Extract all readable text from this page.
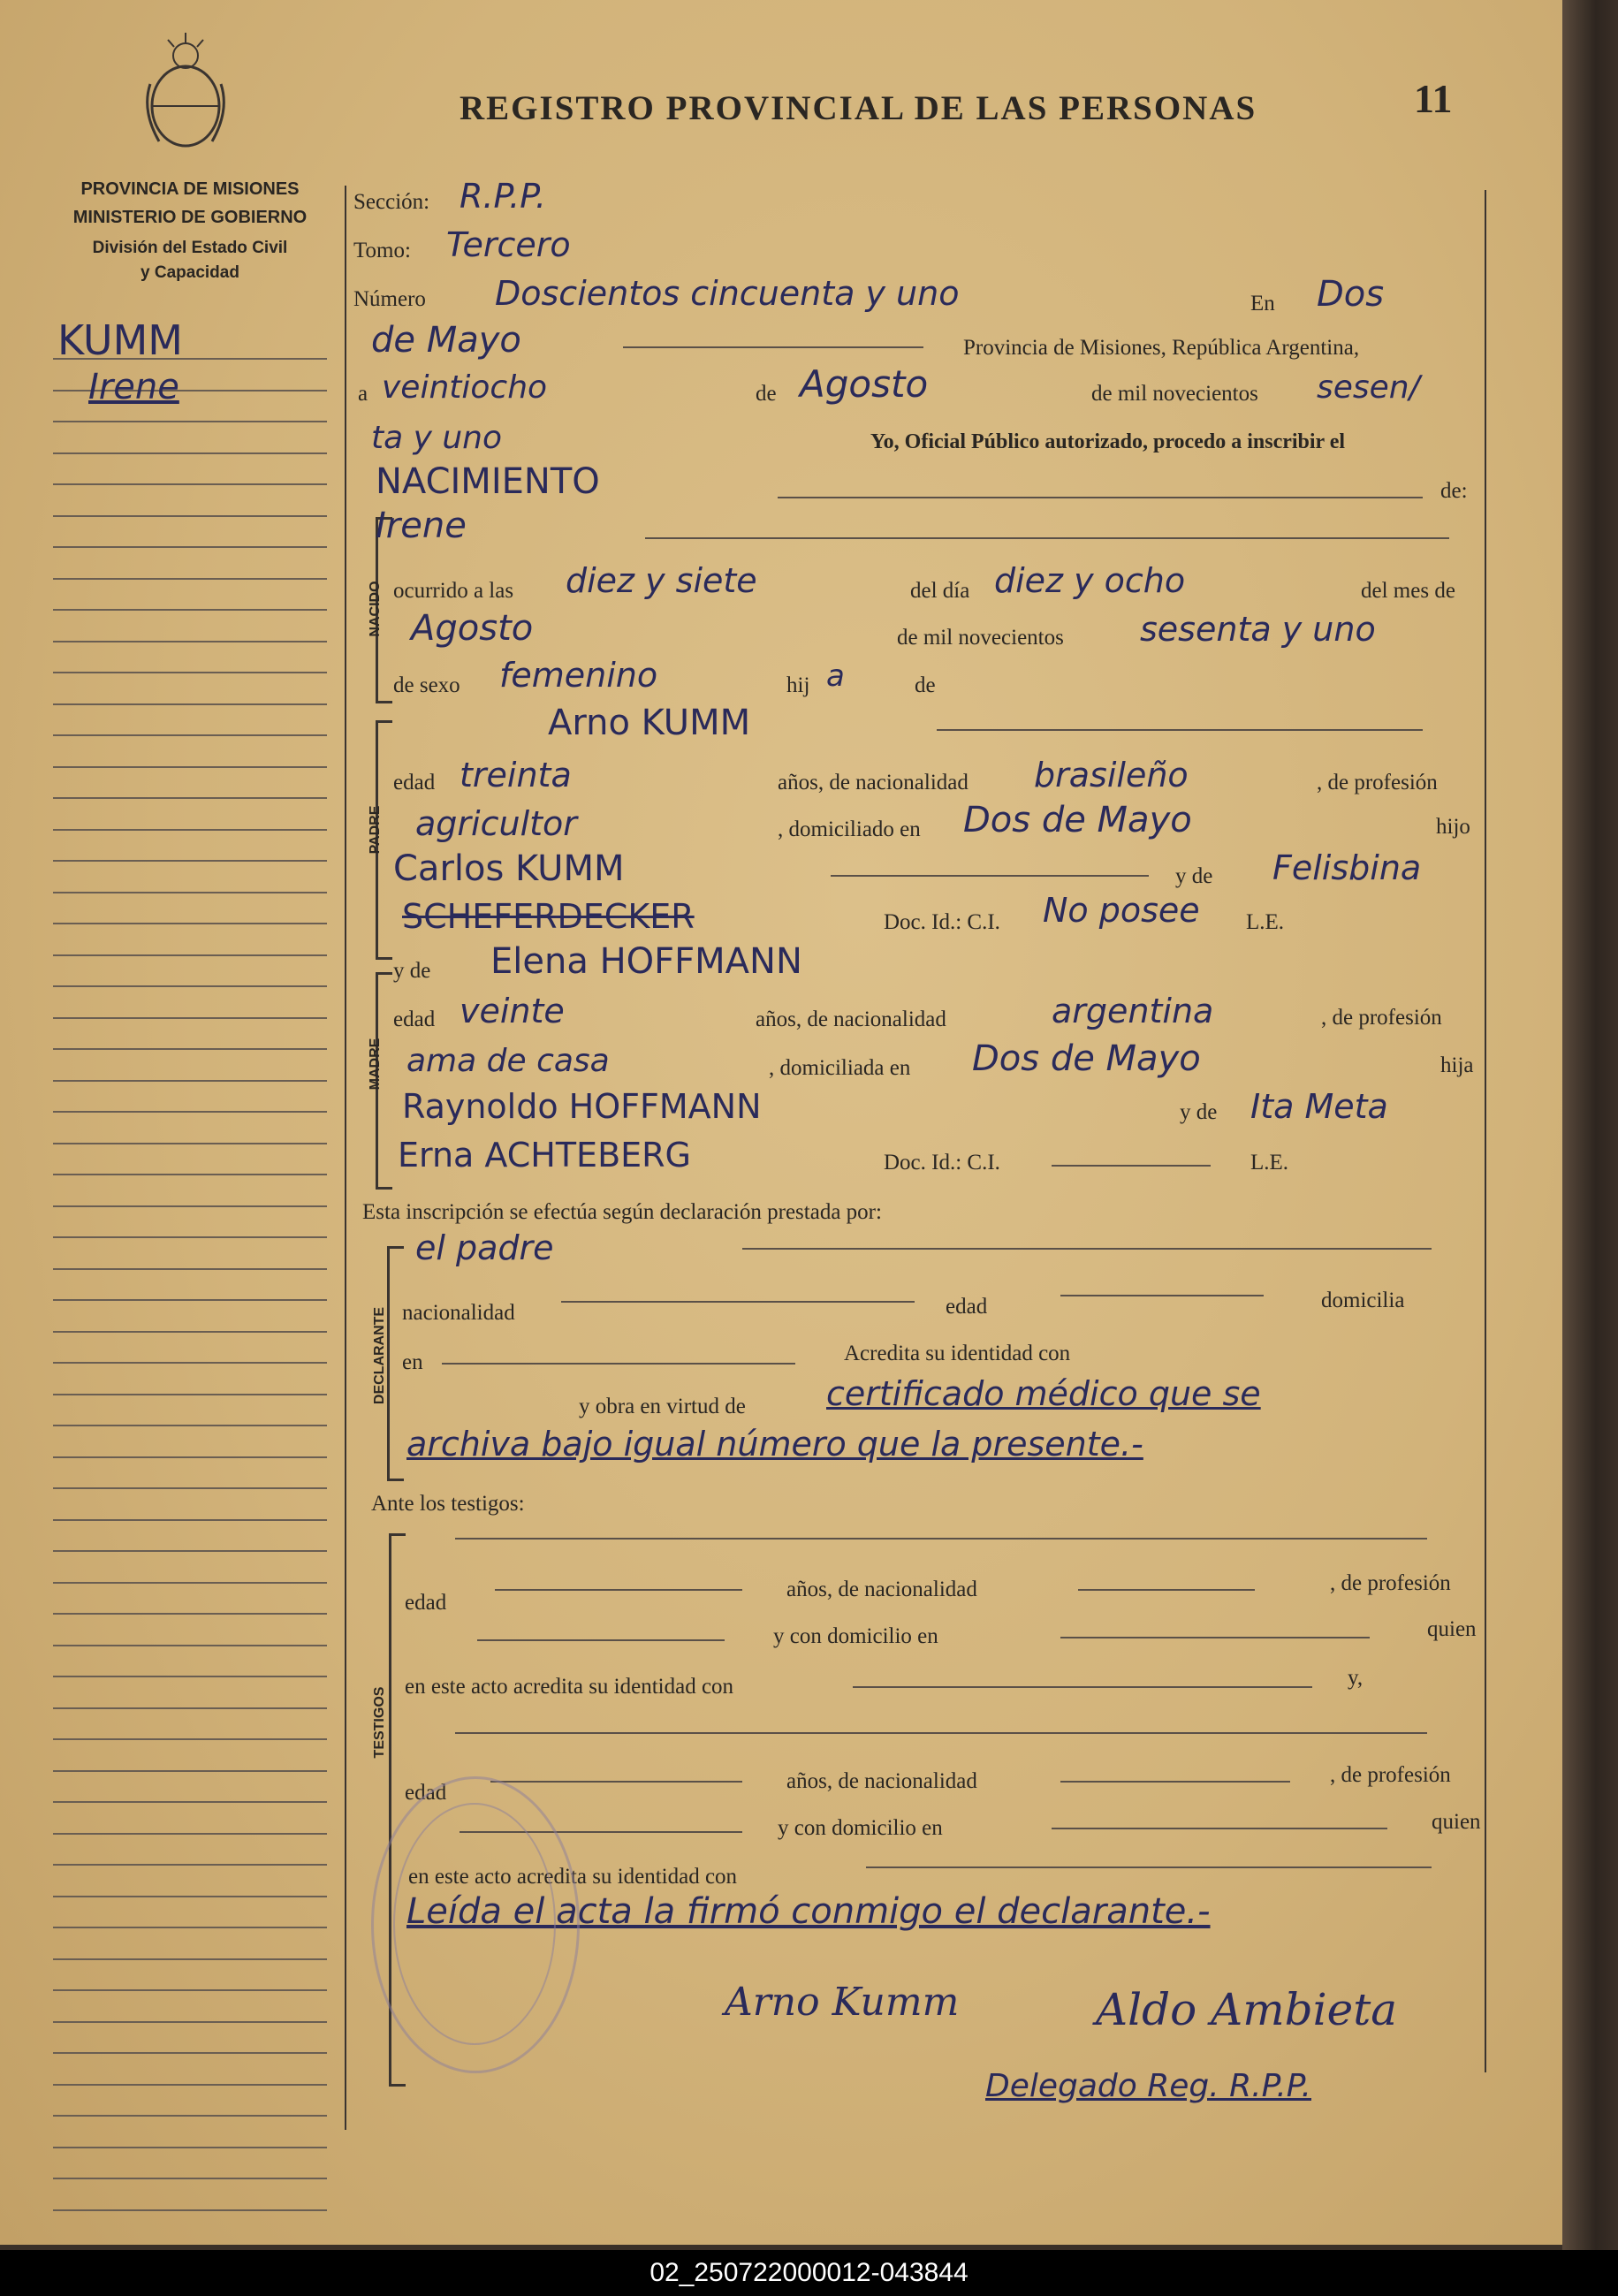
REGISTRO PROVINCIAL DE LAS PERSONAS	11
PROVINCIA DE MISIONES
MINISTERIO DE GOBIERNO
División del Estado Civil
y Capacidad
KUMM
Irene
Sección: R.P.P.
Tomo: Tercero
Número Doscientos cincuenta y uno	En Dos
de Mayo	Provincia de Misiones, República Argentina,
a veintiocho	de Agosto	de mil novecientos sesen/
ta y uno	Yo, Oficial Público autorizado, procedo a inscribir el
NACIMIENTO	de:
NACIDO
Irene
ocurrido a las diez y siete	del día diez y ocho	del mes de
Agosto	de mil novecientos sesenta y uno
de sexo femenino	hij a	de
PADRE
Arno KUMM
edad treinta	años, de nacionalidad brasileño	, de profesión
agricultor	, domiciliado en Dos de Mayo	hijo
Carlos KUMM	y de Felisbina
SCHEFERDECKER	Doc. Id.: C.I. No posee L.E.
MADRE
y de Elena HOFFMANN
edad veinte	años, de nacionalidad	argentina	, de profesión
ama de casa	, domiciliada en Dos de Mayo	hija
Raynoldo HOFFMANN	y de Ita Meta
Erna ACHTEBERG	Doc. Id.: C.I.	L.E.
Esta inscripción se efectúa según declaración prestada por:
DECLARANTE
el padre
nacionalidad	edad	domicilia
en	Acredita su identidad con
y obra en virtud de certificado médico que se
archiva bajo igual número que la presente.-
Ante los testigos:
TESTIGOS
edad
años, de nacionalidad	, de profesión
y con domicilio en	quien
en este acto acredita su identidad con	y,
edad	años, de nacionalidad	, de profesión
y con domicilio en	quien
en este acto acredita su identidad con
Leída el acta la firmó conmigo el declarante.-
Arno Kumm	Aldo Ambieta
Delegado Reg. R.P.P.
02_250722000012-043844
